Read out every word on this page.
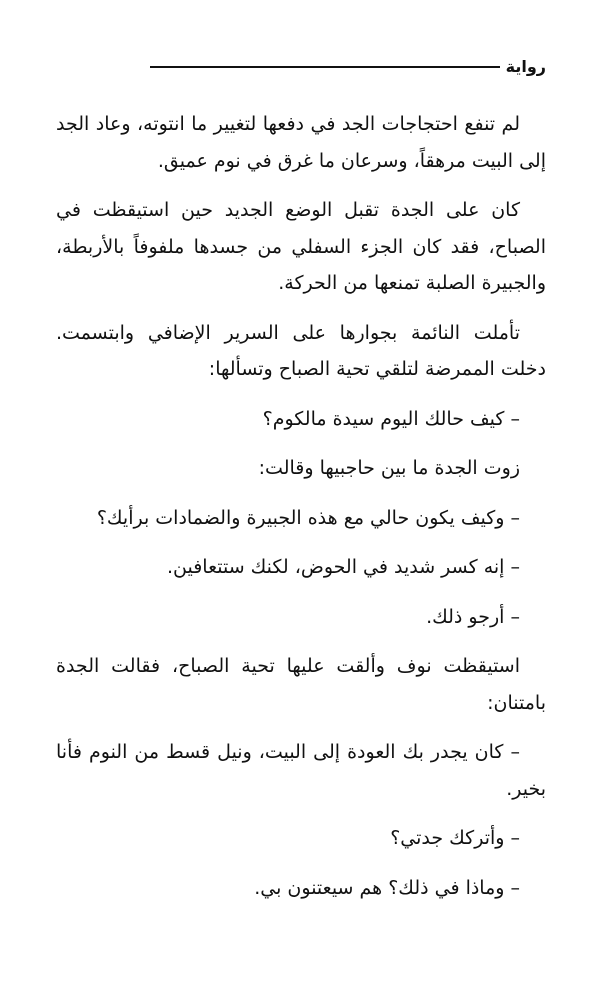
رواية

لم تنفع احتجاجات الجد في دفعها لتغيير ما انتوته، وعاد الجد إلى البيت مرهقاً، وسرعان ما غرق في نوم عميق.

كان على الجدة تقبل الوضع الجديد حين استيقظت في الصباح، فقد كان الجزء السفلي من جسدها ملفوفاً بالأربطة، والجبيرة الصلبة تمنعها من الحركة.

تأملت النائمة بجوارها على السرير الإضافي وابتسمت. دخلت الممرضة لتلقي تحية الصباح وتسألها:

– كيف حالك اليوم سيدة مالكوم؟

زوت الجدة ما بين حاجبيها وقالت:

– وكيف يكون حالي مع هذه الجبيرة والضمادات برأيك؟

– إنه كسر شديد في الحوض، لكنك ستتعافين.

– أرجو ذلك.

استيقظت نوف وألقت عليها تحية الصباح، فقالت الجدة بامتنان:

– كان يجدر بك العودة إلى البيت، ونيل قسط من النوم فأنا بخير.

– وأتركك جدتي؟

– وماذا في ذلك؟ هم سيعتنون بي.
